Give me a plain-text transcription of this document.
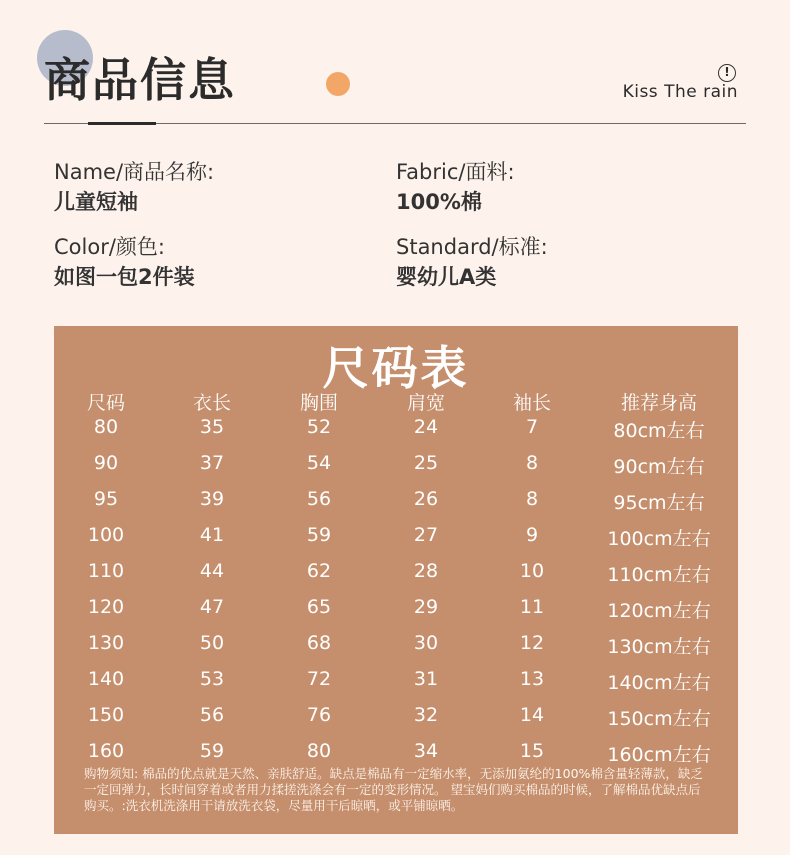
商品信息	!
Kiss The rain
Name/商品名称:
儿童短袖
Fabric/面料:
100%棉
Color/颜色:
如图一包2件装
Standard/标准:
婴幼儿A类
尺码表
尺码	衣长	胸围	肩宽	袖长	推荐身高
80	35	52	24	7	80cm左右
90	37	54	25	8	90cm左右
95	39	56	26	8	95cm左右
100	41	59	27	9	100cm左右
110	44	62	28	10	110cm左右
120	47	65	29	11	120cm左右
130	50	68	30	12	130cm左右
140	53	72	31	13	140cm左右
150	56	76	32	14	150cm左右
160	59	80	34	15	160cm左右
购物须知: 棉品的优点就是天然、亲肤舒适。缺点是棉品有一定缩水率，无添加氨纶的100%棉含量轻薄款，缺乏一定回弹力，长时间穿着或者用力揉搓洗涤会有一定的变形情况。 望宝妈们购买棉品的时候，了解棉品优缺点后购买。:洗衣机洗涤用干请放洗衣袋，尽量用干后晾晒，或平铺晾晒。
